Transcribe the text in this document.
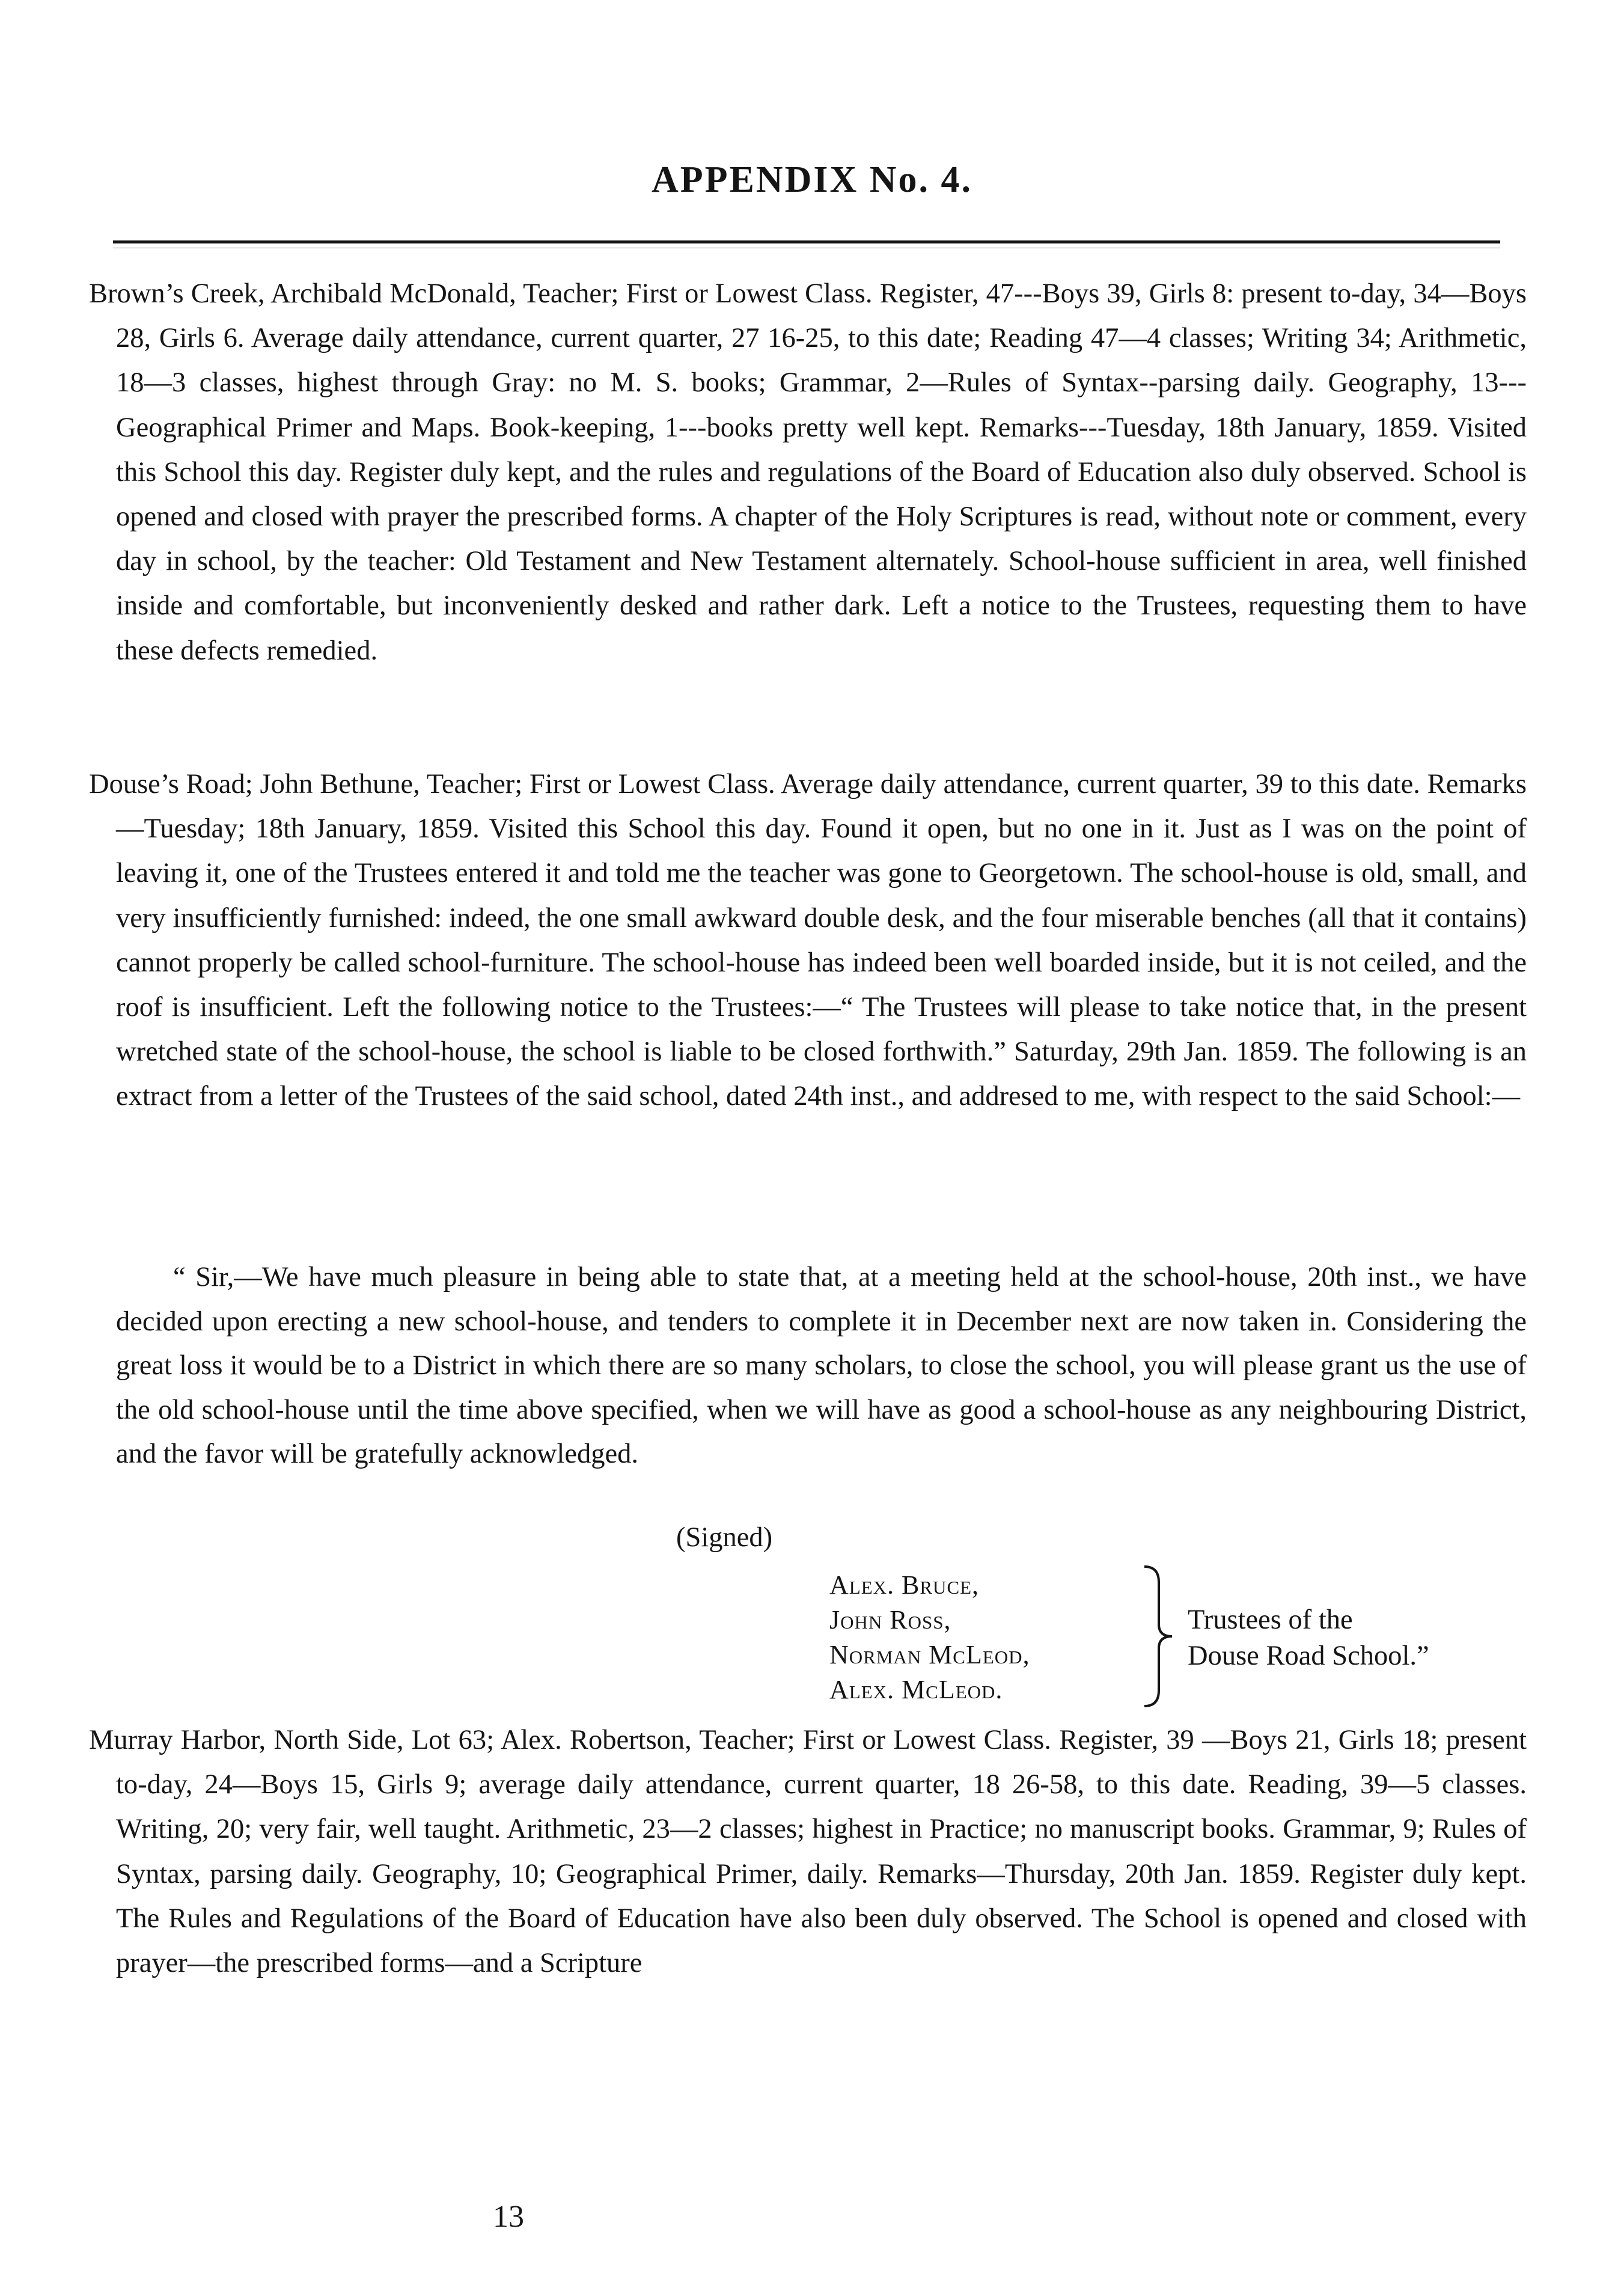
APPENDIX No. 4.
Brown’s Creek, Archibald McDonald, Teacher; First or Lowest Class. Register, 47---Boys 39, Girls 8: present to-day, 34—Boys 28, Girls 6. Average daily attendance, current quarter, 27 16-25, to this date; Reading 47—4 classes; Writing 34; Arithmetic, 18—3 classes, highest through Gray: no M. S. books; Grammar, 2—Rules of Syntax--parsing daily. Geography, 13---Geographical Primer and Maps. Book-keeping, 1---books pretty well kept. Remarks---Tuesday, 18th January, 1859. Visited this School this day. Register duly kept, and the rules and regulations of the Board of Education also duly observed. School is opened and closed with prayer the prescribed forms. A chapter of the Holy Scriptures is read, without note or comment, every day in school, by the teacher: Old Testament and New Testament alternately. School-house sufficient in area, well finished inside and comfortable, but inconveniently desked and rather dark. Left a notice to the Trustees, requesting them to have these defects remedied.
Douse’s Road; John Bethune, Teacher; First or Lowest Class. Average daily attendance, current quarter, 39 to this date. Remarks—Tuesday; 18th January, 1859. Visited this School this day. Found it open, but no one in it. Just as I was on the point of leaving it, one of the Trustees entered it and told me the teacher was gone to Georgetown. The school-house is old, small, and very insufficiently furnished: indeed, the one small awkward double desk, and the four miserable benches (all that it contains) cannot properly be called school-furniture. The school-house has indeed been well boarded inside, but it is not ceiled, and the roof is insufficient. Left the following notice to the Trustees:—“ The Trustees will please to take notice that, in the present wretched state of the school-house, the school is liable to be closed forthwith.” Saturday, 29th Jan. 1859. The following is an extract from a letter of the Trustees of the said school, dated 24th inst., and addresed to me, with respect to the said School:—
“ Sir,—We have much pleasure in being able to state that, at a meeting held at the school-house, 20th inst., we have decided upon erecting a new school-house, and tenders to complete it in December next are now taken in. Considering the great loss it would be to a District in which there are so many scholars, to close the school, you will please grant us the use of the old school-house until the time above specified, when we will have as good a school-house as any neighbouring District, and the favor will be gratefully acknowledged.
(Signed)
Alex. Bruce,
John Ross,
Norman McLeod,
Alex. McLeod.
Trustees of the
Douse Road School.”
Murray Harbor, North Side, Lot 63; Alex. Robertson, Teacher; First or Lowest Class. Register, 39 —Boys 21, Girls 18; present to-day, 24—Boys 15, Girls 9; average daily attendance, current quarter, 18 26-58, to this date. Reading, 39—5 classes. Writing, 20; very fair, well taught. Arithmetic, 23—2 classes; highest in Practice; no manuscript books. Grammar, 9; Rules of Syntax, parsing daily. Geography, 10; Geographical Primer, daily. Remarks—Thursday, 20th Jan. 1859. Register duly kept. The Rules and Regulations of the Board of Education have also been duly observed. The School is opened and closed with prayer—the prescribed forms—and a Scripture
13
